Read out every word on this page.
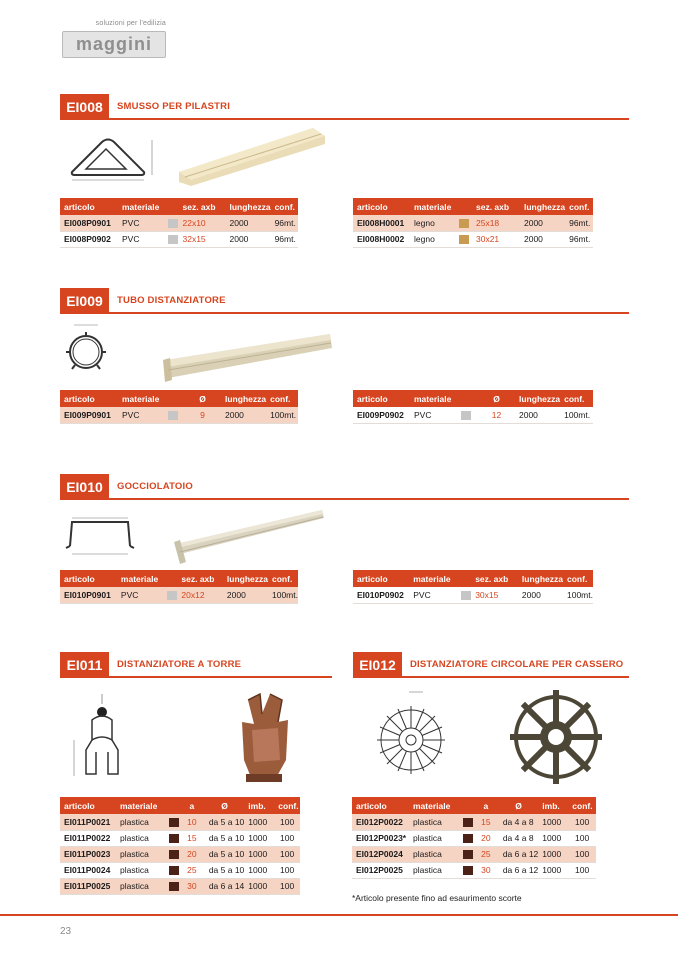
soluzioni per l'edilizia
maggini
EI008	SMUSSO PER PILASTRI
articolo	materiale	sez. axb	lunghezza	conf.
EI008P0901	PVC	22x10	2000	96mt.
EI008P0902	PVC	32x15	2000	96mt.
articolo	materiale	sez. axb	lunghezza	conf.
EI008H0001	legno	25x18	2000	96mt.
EI008H0002	legno	30x21	2000	96mt.
EI009	TUBO DISTANZIATORE
articolo	materiale	Ø	lunghezza	conf.
EI009P0901	PVC	9	2000	100mt.
articolo	materiale	Ø	lunghezza	conf.
EI009P0902	PVC	12	2000	100mt.
EI010	GOCCIOLATOIO
articolo	materiale	sez. axb	lunghezza	conf.
EI010P0901	PVC	20x12	2000	100mt.
articolo	materiale	sez. axb	lunghezza	conf.
EI010P0902	PVC	30x15	2000	100mt.
EI011	DISTANZIATORE A TORRE
articolo	materiale	a	Ø	imb.	conf.
EI011P0021	plastica	10	da 5 a 10	1000	100
EI011P0022	plastica	15	da 5 a 10	1000	100
EI011P0023	plastica	20	da 5 a 10	1000	100
EI011P0024	plastica	25	da 5 a 10	1000	100
EI011P0025	plastica	30	da 6 a 14	1000	100
EI012	DISTANZIATORE CIRCOLARE PER CASSERO
articolo	materiale	a	Ø	imb.	conf.
EI012P0022	plastica	15	da 4 a 8	1000	100
EI012P0023*	plastica	20	da 4 a 8	1000	100
EI012P0024	plastica	25	da 6 a 12	1000	100
EI012P0025	plastica	30	da 6 a 12	1000	100
*Articolo presente fino ad esaurimento scorte
23
